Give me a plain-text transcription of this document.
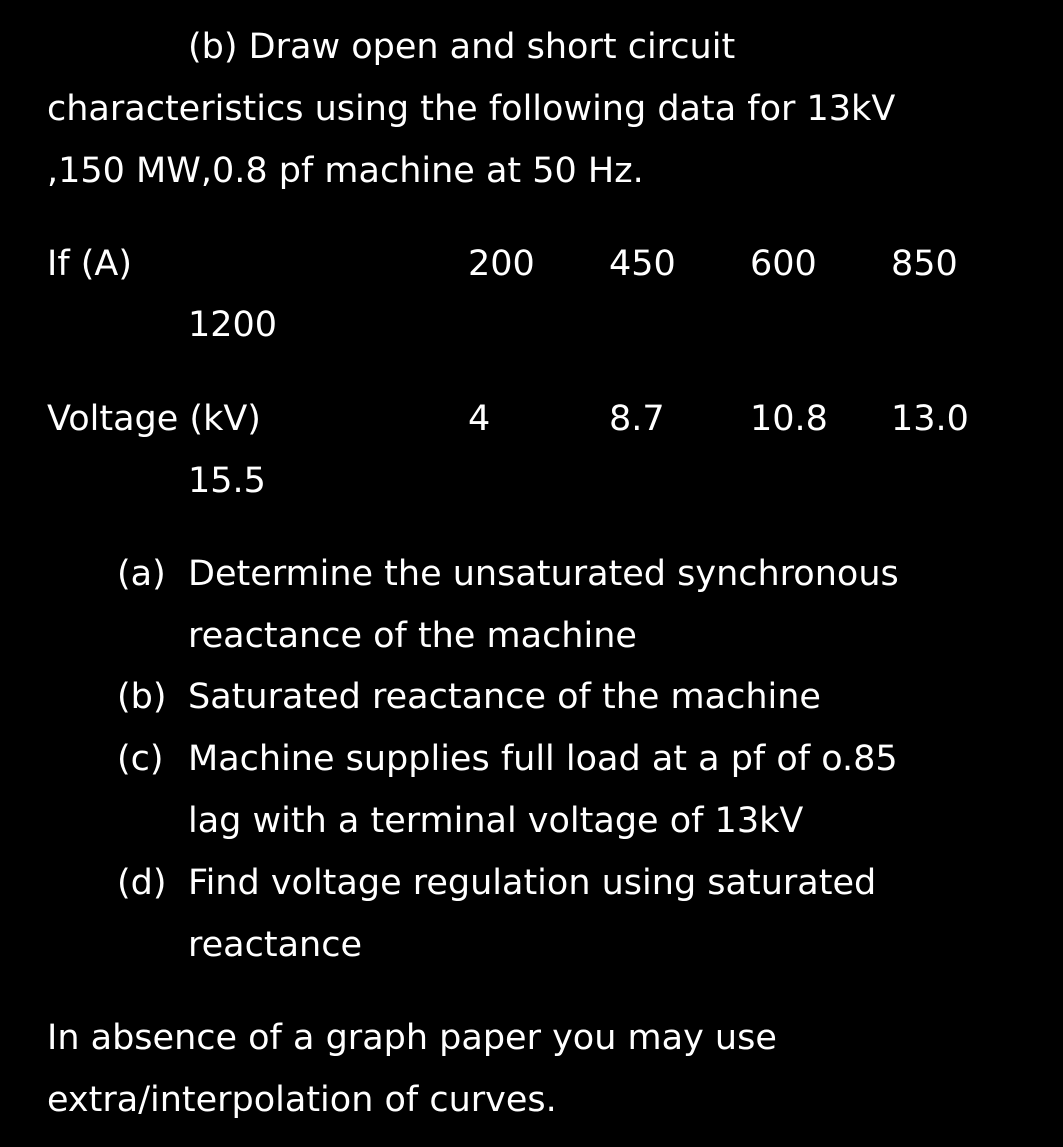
(b) Draw open and short circuit

characteristics using the following data for 13kV

,150 MW,0.8 pf machine at 50 Hz.

If (A)	200 450 600 850
1200
Voltage (kV)	4	8.7 10.8 13.0
15.5
(a) Determine the unsaturated synchronous
reactance of the machine
(b) Saturated reactance of the machine
(c) Machine supplies full load at a pf of o.85
lag with a terminal voltage of 13kV
(d) Find voltage regulation using saturated
reactance

In absence of a graph paper you may use

extra/interpolation of curves.
